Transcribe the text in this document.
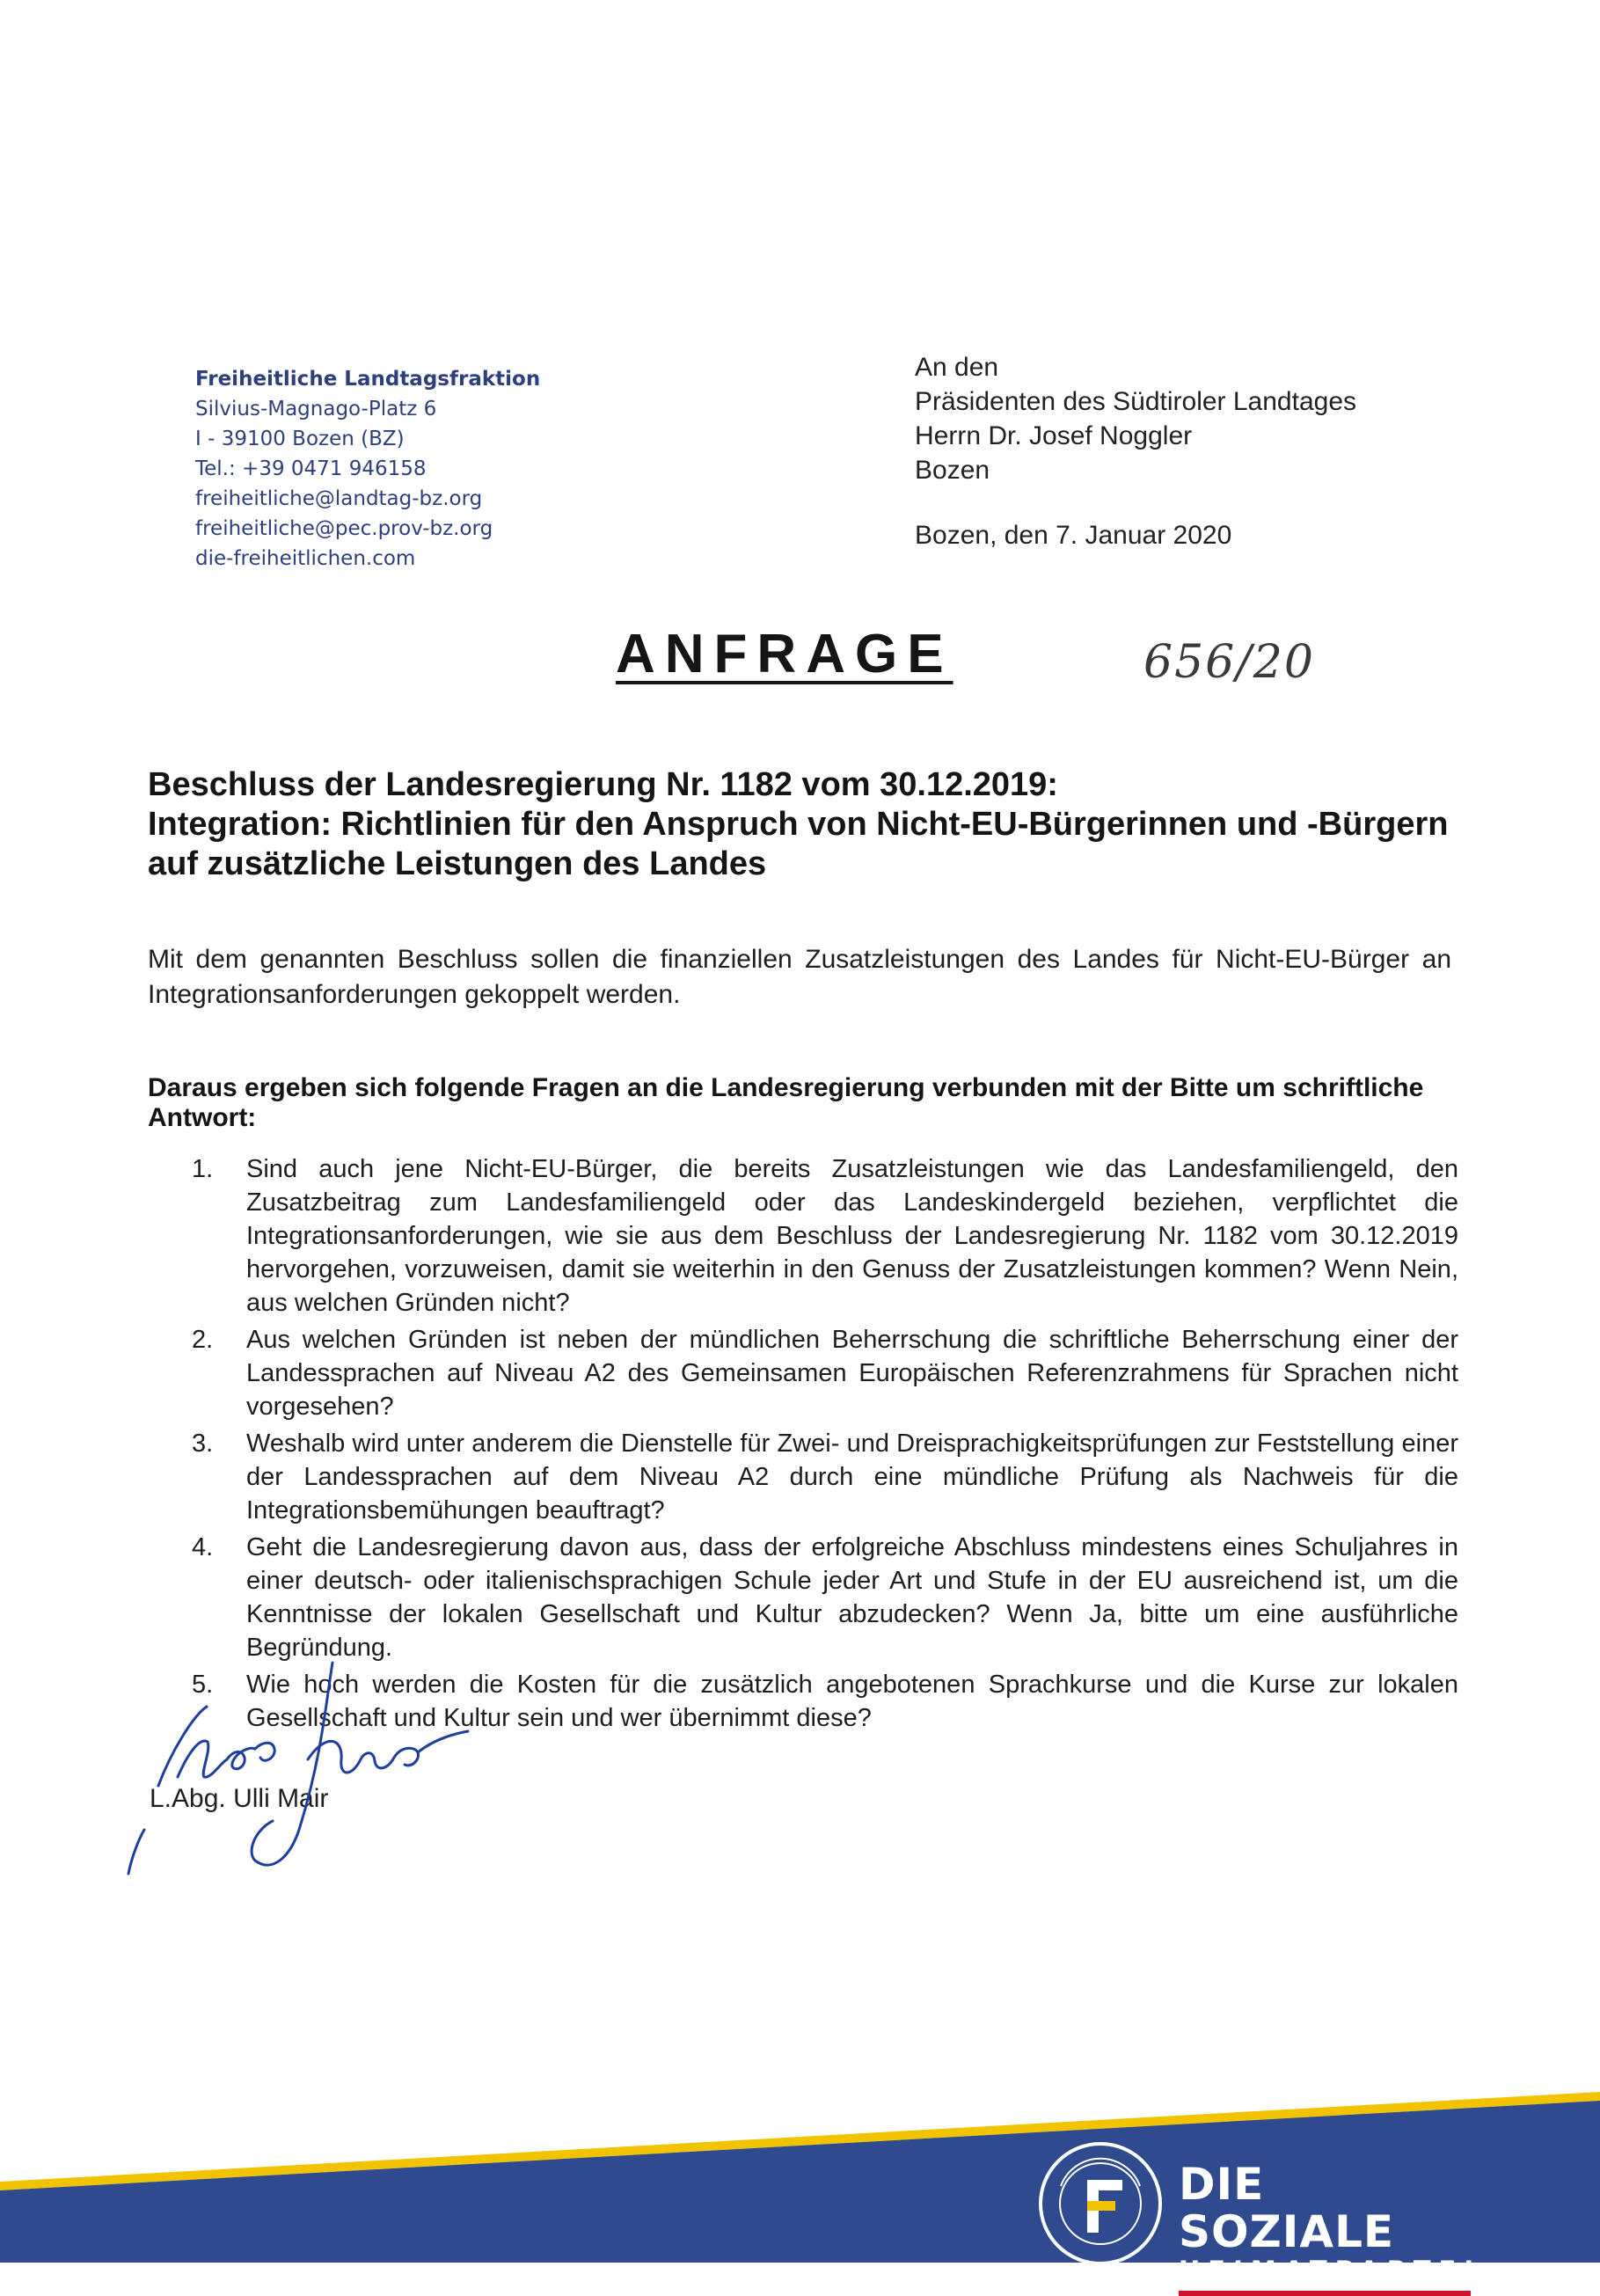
Freiheitliche Landtagsfraktion
Silvius-Magnago-Platz 6
I - 39100 Bozen (BZ)
Tel.: +39 0471 946158
freiheitliche@landtag-bz.org
freiheitliche@pec.prov-bz.org
die-freiheitlichen.com
An den
Präsidenten des Südtiroler Landtages
Herrn Dr. Josef Noggler
Bozen
Bozen, den 7. Januar 2020
ANFRAGE	656/20
Beschluss der Landesregierung Nr. 1182 vom 30.12.2019:
Integration: Richtlinien für den Anspruch von Nicht-EU-Bürgerinnen und -Bürgern auf zusätzliche Leistungen des Landes
Mit dem genannten Beschluss sollen die finanziellen Zusatzleistungen des Landes für Nicht-EU-Bürger an Integrationsanforderungen gekoppelt werden.
Daraus ergeben sich folgende Fragen an die Landesregierung verbunden mit der Bitte um schriftliche Antwort:
1.	Sind auch jene Nicht-EU-Bürger, die bereits Zusatzleistungen wie das Landesfamiliengeld, den Zusatzbeitrag zum Landesfamiliengeld oder das Landeskindergeld beziehen, verpflichtet die Integrationsanforderungen, wie sie aus dem Beschluss der Landesregierung Nr. 1182 vom 30.12.2019 hervorgehen, vorzuweisen, damit sie weiterhin in den Genuss der Zusatzleistungen kommen? Wenn Nein, aus welchen Gründen nicht?
2.	Aus welchen Gründen ist neben der mündlichen Beherrschung die schriftliche Beherrschung einer der Landessprachen auf Niveau A2 des Gemeinsamen Europäischen Referenzrahmens für Sprachen nicht vorgesehen?
3.	Weshalb wird unter anderem die Dienstelle für Zwei- und Dreisprachigkeitsprüfungen zur Feststellung einer der Landessprachen auf dem Niveau A2 durch eine mündliche Prüfung als Nachweis für die Integrationsbemühungen beauftragt?
4.	Geht die Landesregierung davon aus, dass der erfolgreiche Abschluss mindestens eines Schuljahres in einer deutsch- oder italienischsprachigen Schule jeder Art und Stufe in der EU ausreichend ist, um die Kenntnisse der lokalen Gesellschaft und Kultur abzudecken? Wenn Ja, bitte um eine ausführliche Begründung.
5.	Wie hoch werden die Kosten für die zusätzlich angebotenen Sprachkurse und die Kurse zur lokalen Gesellschaft und Kultur sein und wer übernimmt diese?
L.Abg. Ulli Mair
DIE SOZIALE
HEIMATPARTEI
